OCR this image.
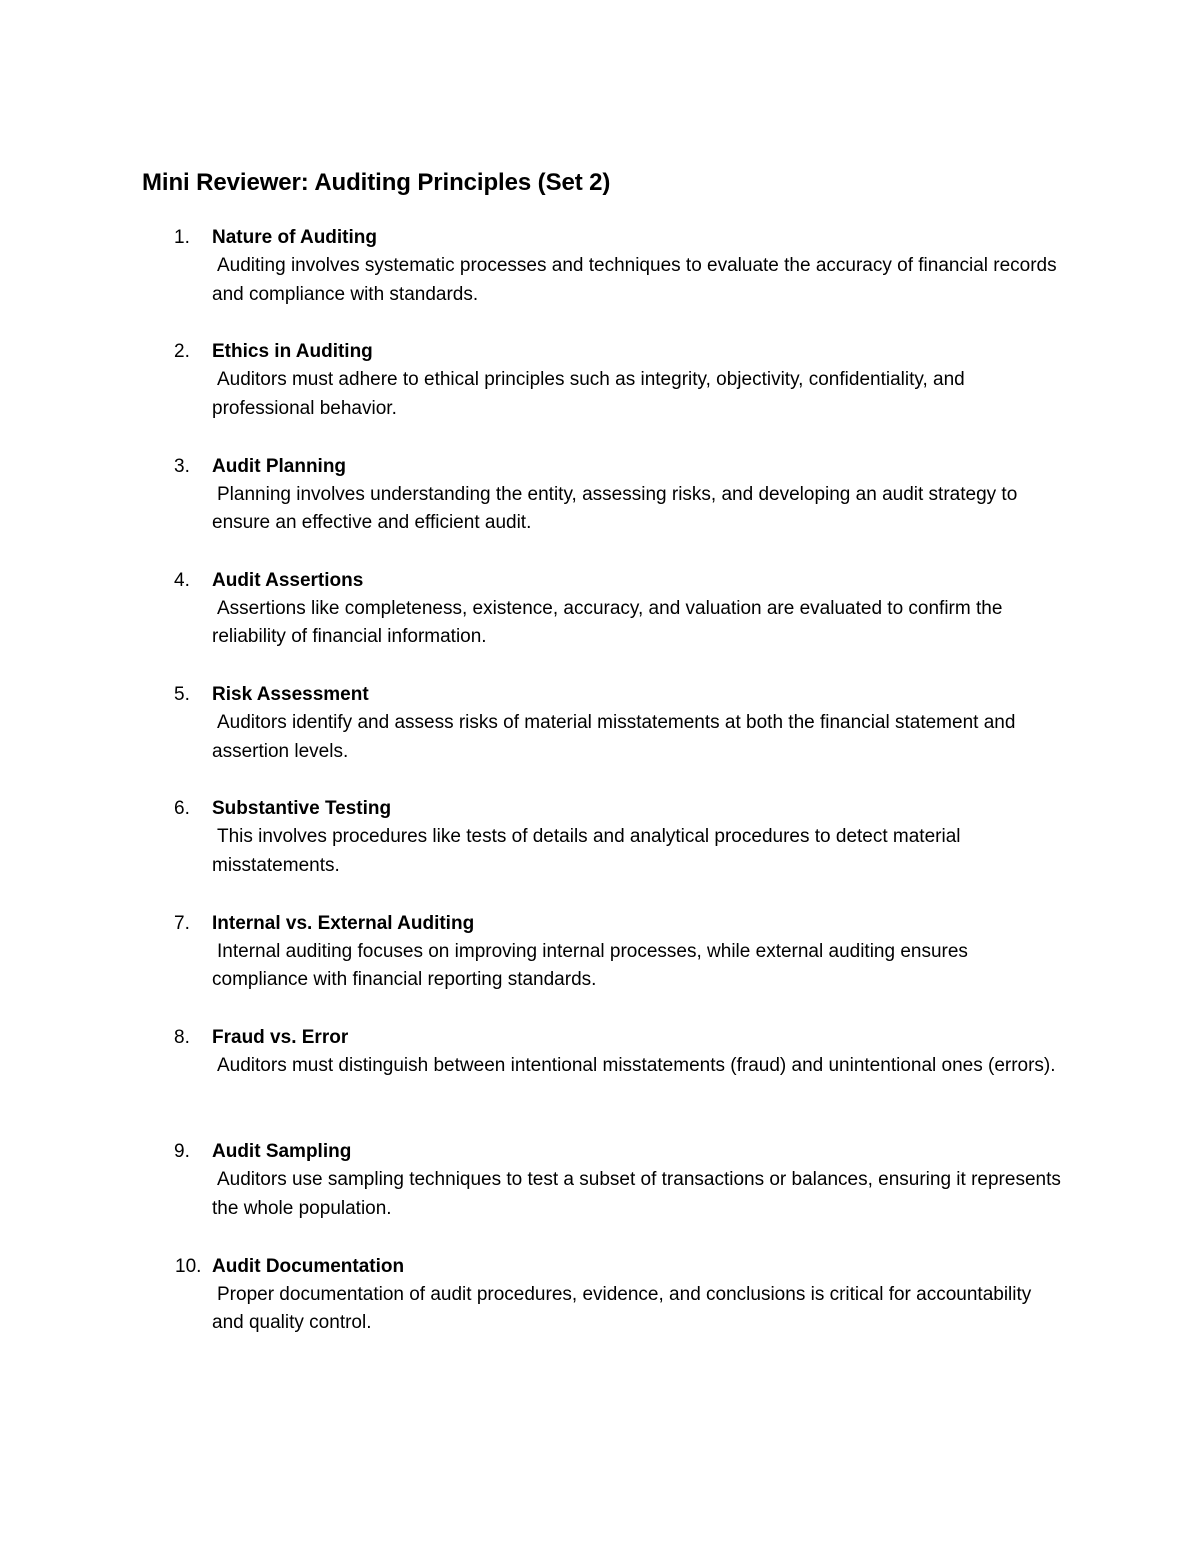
Mini Reviewer: Auditing Principles (Set 2)
1. Nature of Auditing
Auditing involves systematic processes and techniques to evaluate the accuracy of financial records and compliance with standards.
2. Ethics in Auditing
Auditors must adhere to ethical principles such as integrity, objectivity, confidentiality, and professional behavior.
3. Audit Planning
Planning involves understanding the entity, assessing risks, and developing an audit strategy to ensure an effective and efficient audit.
4. Audit Assertions
Assertions like completeness, existence, accuracy, and valuation are evaluated to confirm the reliability of financial information.
5. Risk Assessment
Auditors identify and assess risks of material misstatements at both the financial statement and assertion levels.
6. Substantive Testing
This involves procedures like tests of details and analytical procedures to detect material misstatements.
7. Internal vs. External Auditing
Internal auditing focuses on improving internal processes, while external auditing ensures compliance with financial reporting standards.
8. Fraud vs. Error
Auditors must distinguish between intentional misstatements (fraud) and unintentional ones (errors).
9. Audit Sampling
Auditors use sampling techniques to test a subset of transactions or balances, ensuring it represents the whole population.
10. Audit Documentation
Proper documentation of audit procedures, evidence, and conclusions is critical for accountability and quality control.
